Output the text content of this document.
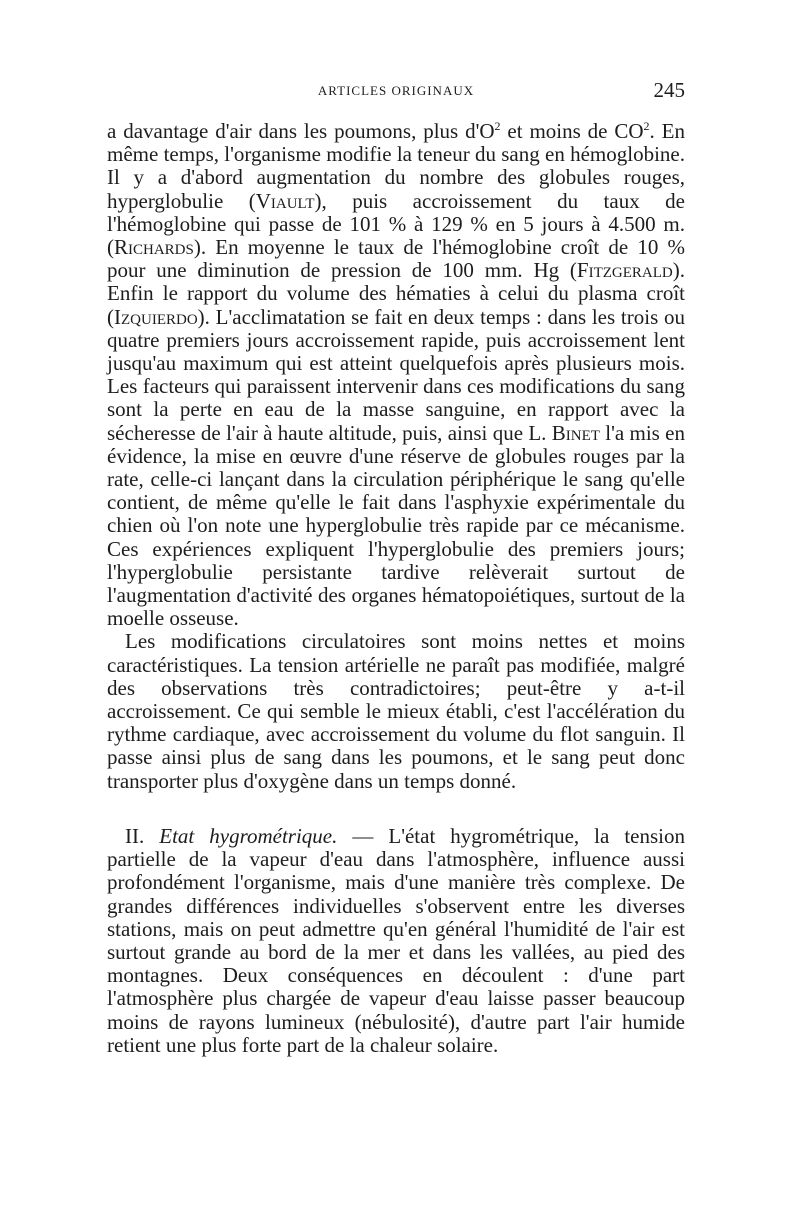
ARTICLES ORIGINAUX	245

a davantage d'air dans les poumons, plus $d'O^2$ et moins de $CO^2$. En même temps, l'organisme modifie la teneur du sang en hémoglobine. Il y a d'abord augmentation du nombre des globules rouges, hyperglobulie (Viault), puis accroissement du taux de l'hémoglobine qui passe de 101 % à 129 % en 5 jours à 4.500 m. (Richards). En moyenne le taux de l'hémoglobine croît de 10 % pour une diminution de pression de 100 mm. Hg (Fitzgerald). Enfin le rapport du volume des hématies à celui du plasma croît (Izquierdo). L'acclimatation se fait en deux temps : dans les trois ou quatre premiers jours accroissement rapide, puis accroissement lent jusqu'au maximum qui est atteint quelquefois après plusieurs mois. Les facteurs qui paraissent intervenir dans ces modifications du sang sont la perte en eau de la masse sanguine, en rapport avec la sécheresse de l'air à haute altitude, puis, ainsi que L. Binet l'a mis en évidence, la mise en œuvre d'une réserve de globules rouges par la rate, celle-ci lançant dans la circulation périphérique le sang qu'elle contient, de même qu'elle le fait dans l'asphyxie expérimentale du chien où l'on note une hyperglobulie très rapide par ce mécanisme. Ces expériences expliquent l'hyperglobulie des premiers jours; l'hyperglobulie persistante tardive relèverait surtout de l'augmentation d'activité des organes hématopoiétiques, surtout de la moelle osseuse.

Les modifications circulatoires sont moins nettes et moins caractéristiques. La tension artérielle ne paraît pas modifiée, malgré des observations très contradictoires; peut-être y a-t-il accroissement. Ce qui semble le mieux établi, c'est l'accélération du rythme cardiaque, avec accroissement du volume du flot sanguin. Il passe ainsi plus de sang dans les poumons, et le sang peut donc transporter plus d'oxygène dans un temps donné.

II. Etat hygrométrique. — L'état hygrométrique, la tension partielle de la vapeur d'eau dans l'atmosphère, influence aussi profondément l'organisme, mais d'une manière très complexe. De grandes différences individuelles s'observent entre les diverses stations, mais on peut admettre qu'en général l'humidité de l'air est surtout grande au bord de la mer et dans les vallées, au pied des montagnes. Deux conséquences en découlent : d'une part l'atmosphère plus chargée de vapeur d'eau laisse passer beaucoup moins de rayons lumineux (nébulosité), d'autre part l'air humide retient une plus forte part de la chaleur solaire.
